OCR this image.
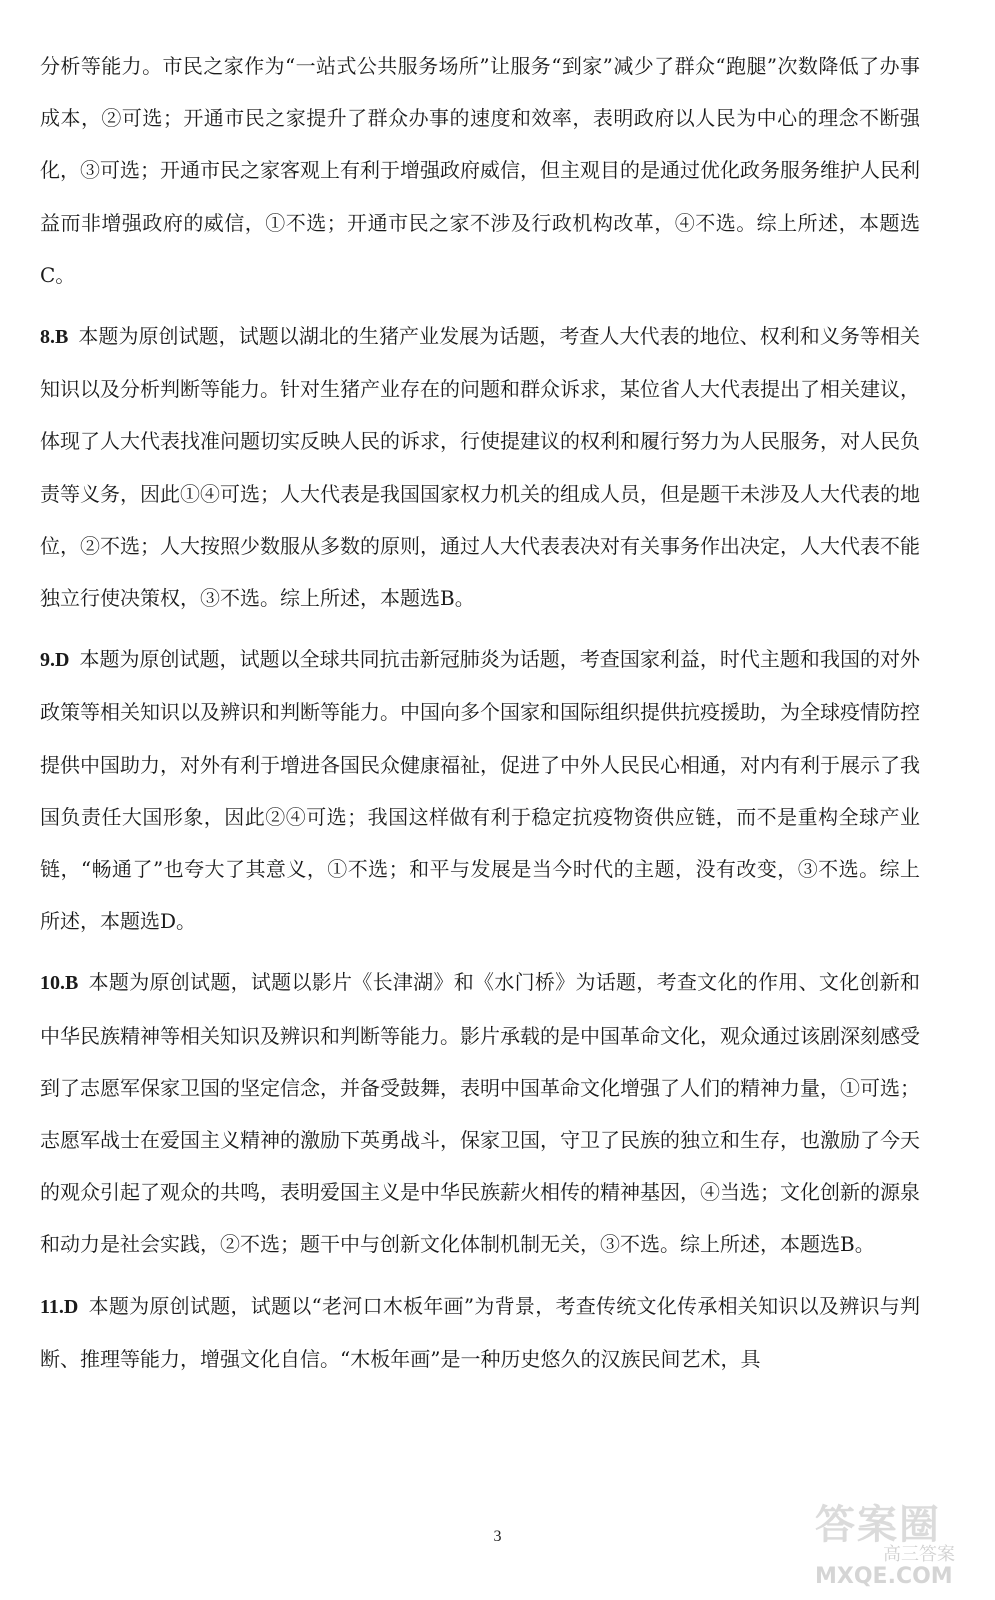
分析等能力。市民之家作为“一站式公共服务场所”让服务“到家”减少了群众“跑腿”次数降低了办事成本，②可选；开通市民之家提升了群众办事的速度和效率，表明政府以人民为中心的理念不断强化，③可选；开通市民之家客观上有利于增强政府威信，但主观目的是通过优化政务服务维护人民利益而非增强政府的威信，①不选；开通市民之家不涉及行政机构改革，④不选。综上所述，本题选C。

8.B 本题为原创试题，试题以湖北的生猪产业发展为话题，考查人大代表的地位、权利和义务等相关知识以及分析判断等能力。针对生猪产业存在的问题和群众诉求，某位省人大代表提出了相关建议，体现了人大代表找准问题切实反映人民的诉求，行使提建议的权利和履行努力为人民服务，对人民负责等义务，因此①④可选；人大代表是我国国家权力机关的组成人员，但是题干未涉及人大代表的地位，②不选；人大按照少数服从多数的原则，通过人大代表表决对有关事务作出决定，人大代表不能独立行使决策权，③不选。综上所述，本题选B。

9.D 本题为原创试题，试题以全球共同抗击新冠肺炎为话题，考查国家利益，时代主题和我国的对外政策等相关知识以及辨识和判断等能力。中国向多个国家和国际组织提供抗疫援助，为全球疫情防控提供中国助力，对外有利于增进各国民众健康福祉，促进了中外人民民心相通，对内有利于展示了我国负责任大国形象，因此②④可选；我国这样做有利于稳定抗疫物资供应链，而不是重构全球产业链，“畅通了”也夸大了其意义，①不选；和平与发展是当今时代的主题，没有改变，③不选。综上所述，本题选D。

10.B 本题为原创试题，试题以影片《长津湖》和《水门桥》为话题，考查文化的作用、文化创新和中华民族精神等相关知识及辨识和判断等能力。影片承载的是中国革命文化，观众通过该剧深刻感受到了志愿军保家卫国的坚定信念，并备受鼓舞，表明中国革命文化增强了人们的精神力量，①可选；志愿军战士在爱国主义精神的激励下英勇战斗，保家卫国，守卫了民族的独立和生存，也激励了今天的观众引起了观众的共鸣，表明爱国主义是中华民族薪火相传的精神基因，④当选；文化创新的源泉和动力是社会实践，②不选；题干中与创新文化体制机制无关，③不选。综上所述，本题选B。

11.D 本题为原创试题，试题以“老河口木板年画”为背景，考查传统文化传承相关知识以及辨识与判断、推理等能力，增强文化自信。“木板年画”是一种历史悠久的汉族民间艺术，具

3	答案圈
高三答案
MXQE.COM
